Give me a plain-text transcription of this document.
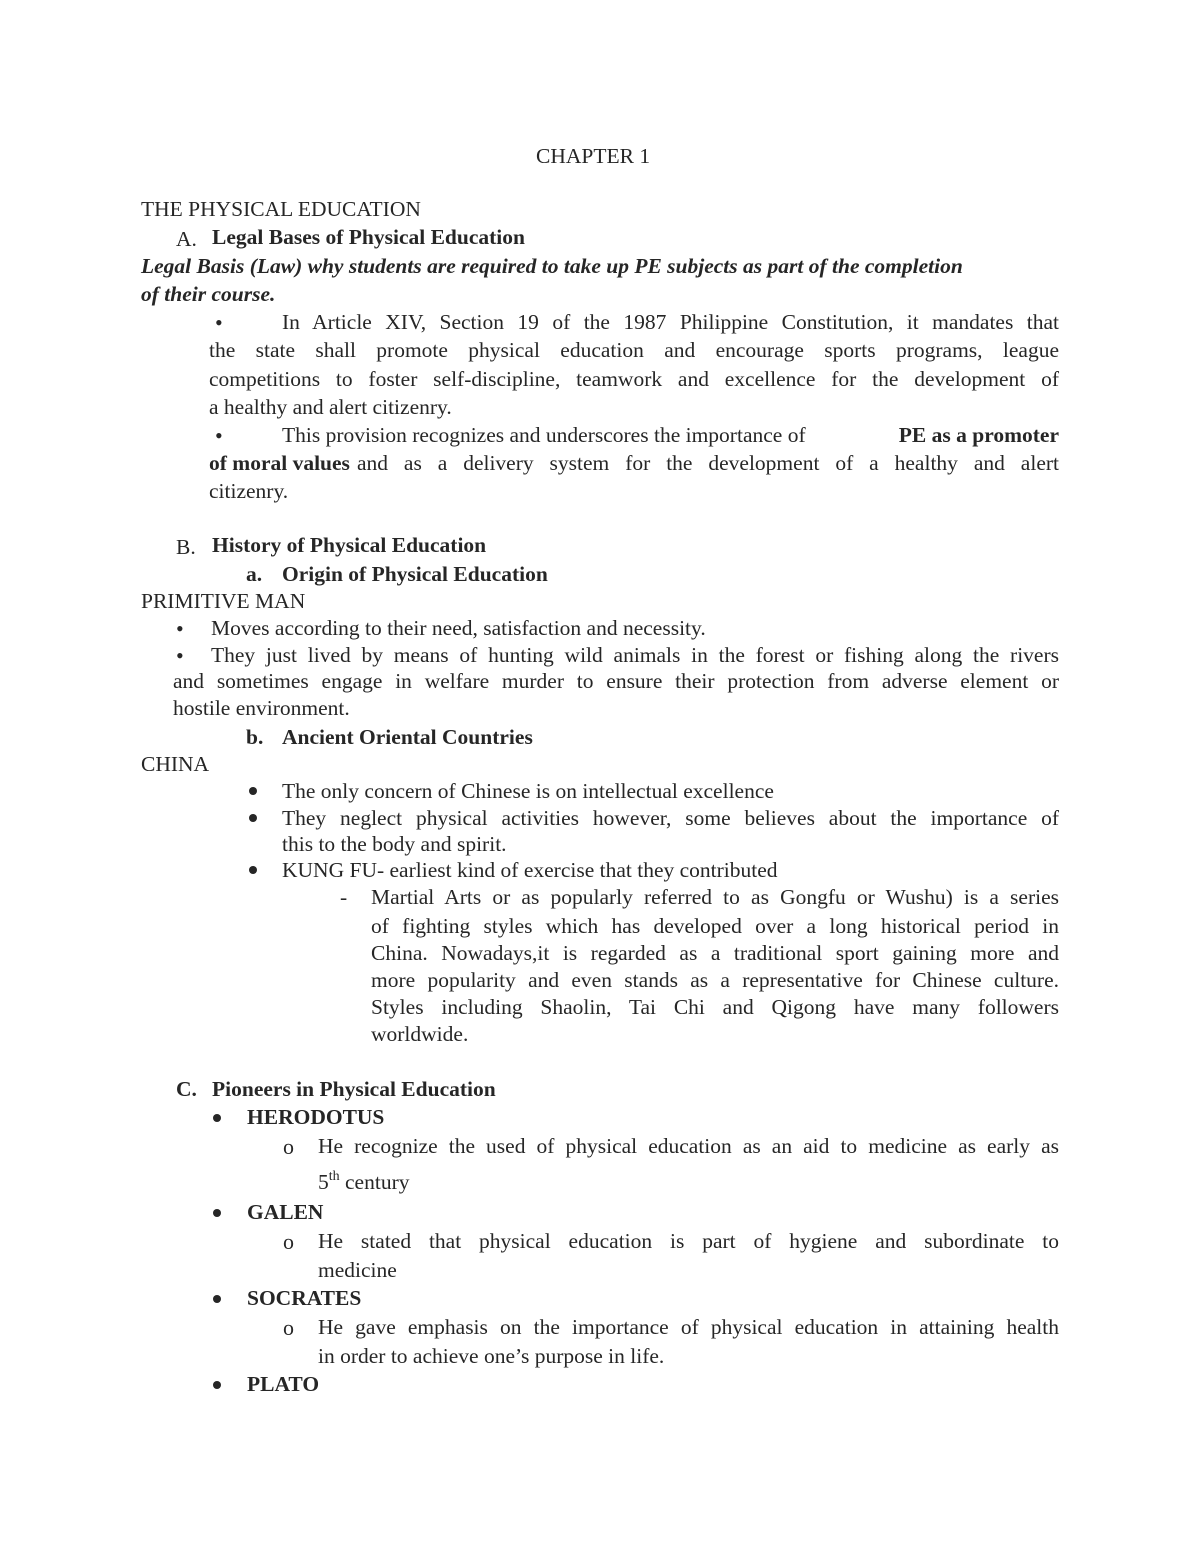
CHAPTER 1
THE PHYSICAL EDUCATION
A. Legal Bases of Physical Education
Legal Basis (Law) why students are required to take up PE subjects as part of the completion
of their course.
•	In Article XIV, Section 19 of the 1987 Philippine Constitution, it mandates that
the state shall promote physical education and encourage sports programs, league
competitions to foster self-discipline, teamwork and excellence for the development of
a healthy and alert citizenry.
•	This provision recognizes and underscores the importance of	PE as a promoter
of moral values and as a delivery system for the development of a healthy and alert
citizenry.
B. History of Physical Education
a. Origin of Physical Education
PRIMITIVE MAN
• Moves according to their need, satisfaction and necessity.
• They just lived by means of hunting wild animals in the forest or fishing along the rivers
and sometimes engage in welfare murder to ensure their protection from adverse element or
hostile environment.
b. Ancient Oriental Countries
CHINA
The only concern of Chinese is on intellectual excellence
They neglect physical activities however, some believes about the importance of
this to the body and spirit.
KUNG FU- earliest kind of exercise that they contributed
- Martial Arts or as popularly referred to as Gongfu or Wushu) is a series
of fighting styles which has developed over a long historical period in
China. Nowadays,it is regarded as a traditional sport gaining more and
more popularity and even stands as a representative for Chinese culture.
Styles including Shaolin, Tai Chi and Qigong have many followers
worldwide.
C. Pioneers in Physical Education
HERODOTUS
o He recognize the used of physical education as an aid to medicine as early as
5th century
GALEN
o He stated that physical education is part of hygiene and subordinate to
medicine
SOCRATES
o He gave emphasis on the importance of physical education in attaining health
in order to achieve one’s purpose in life.
PLATO
